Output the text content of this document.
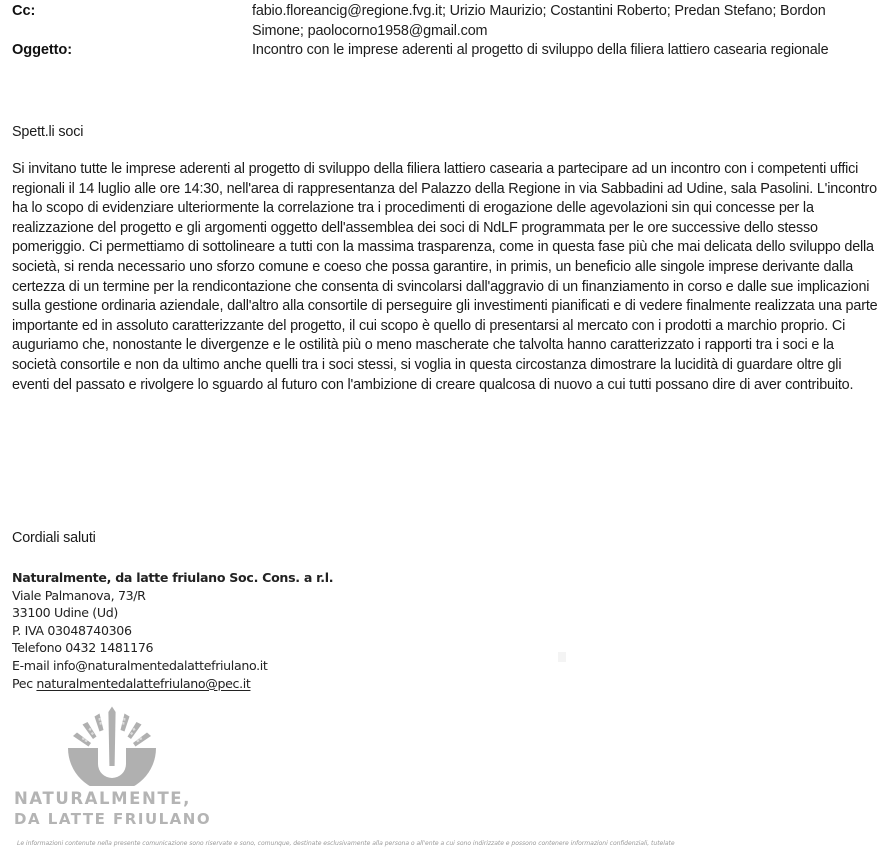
Cc:	fabio.floreancig@regione.fvg.it; Urizio Maurizio; Costantini Roberto; Predan Stefano; Bordon Simone; paolocorno1958@gmail.com
Oggetto:	Incontro con le imprese aderenti al progetto di sviluppo della filiera lattiero casearia regionale

Spett.li soci

Si invitano tutte le imprese aderenti al progetto di sviluppo della filiera lattiero casearia a partecipare ad un incontro con i competenti uffici regionali il 14 luglio alle ore 14:30, nell'area di rappresentanza del Palazzo della Regione in via Sabbadini ad Udine, sala Pasolini. L'incontro ha lo scopo di evidenziare ulteriormente la correlazione tra i procedimenti di erogazione delle agevolazioni sin qui concesse per la realizzazione del progetto e gli argomenti oggetto dell'assemblea dei soci di NdLF programmata per le ore successive dello stesso pomeriggio. Ci permettiamo di sottolineare a tutti con la massima trasparenza, come in questa fase più che mai delicata dello sviluppo della società, si renda necessario uno sforzo comune e coeso che possa garantire, in primis, un beneficio alle singole imprese derivante dalla certezza di un termine per la rendicontazione che consenta di svincolarsi dall'aggravio di un finanziamento in corso e dalle sue implicazioni sulla gestione ordinaria aziendale, dall'altro alla consortile di perseguire gli investimenti pianificati e di vedere finalmente realizzata una parte importante ed in assoluto caratterizzante del progetto, il cui scopo è quello di presentarsi al mercato con i prodotti a marchio proprio. Ci auguriamo che, nonostante le divergenze e le ostilità più o meno mascherate che talvolta hanno caratterizzato i rapporti tra i soci e la società consortile e non da ultimo anche quelli tra i soci stessi, si voglia in questa circostanza dimostrare la lucidità di guardare oltre gli eventi del passato e rivolgere lo sguardo al futuro con l'ambizione di creare qualcosa di nuovo a cui tutti possano dire di aver contribuito.

Cordiali saluti

Naturalmente, da latte friulano Soc. Cons. a r.l.
Viale Palmanova, 73/R
33100 Udine (Ud)
P. IVA 03048740306
Telefono 0432 1481176
E-mail info@naturalmentedalattefriulano.it
Pec naturalmentedalattefriulano@pec.it
NATURALMENTE,
DA LATTE FRIULANO
Le informazioni contenute nella presente comunicazione sono riservate e sono, comunque, destinate esclusivamente alla persona o all'ente a cui sono indirizzate e possono contenere informazioni confidenziali, tutelate
